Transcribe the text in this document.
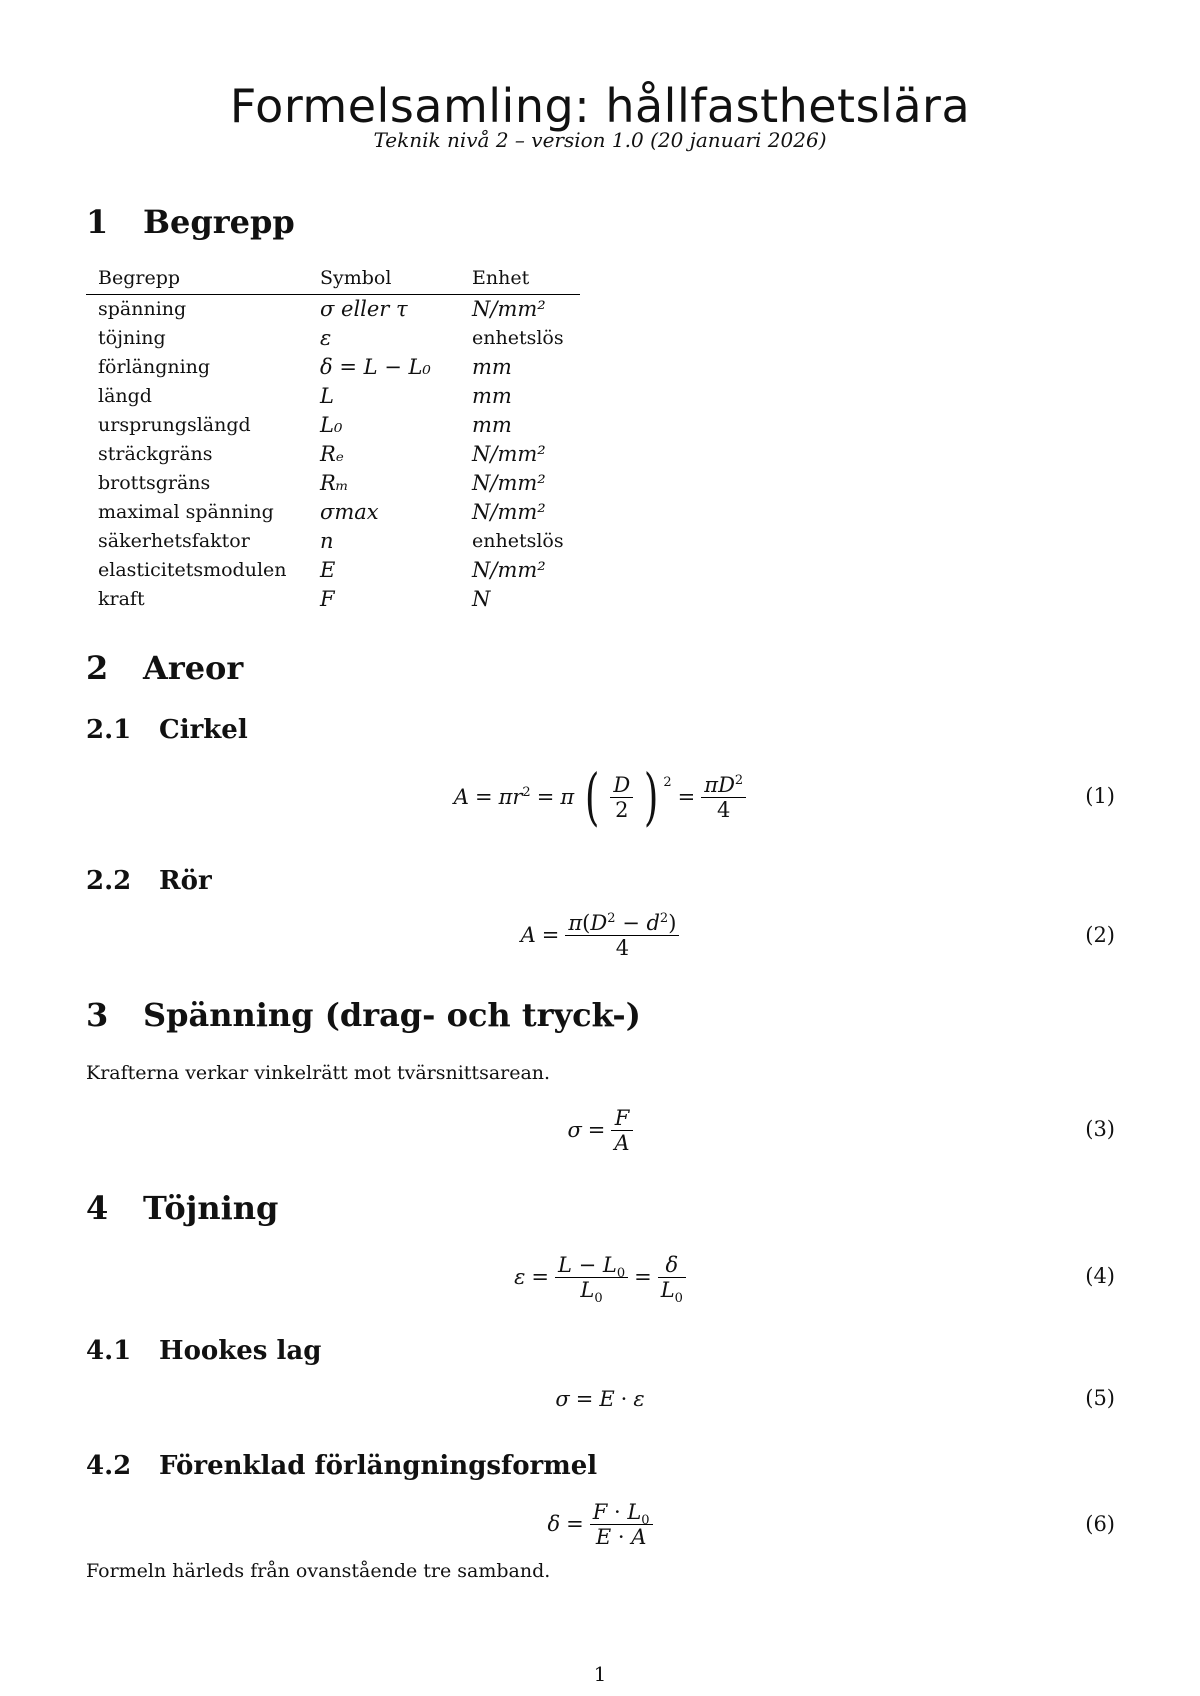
Formelsamling: hållfasthetslära
Teknik nivå 2 – version 1.0 (20 januari 2026)
1 Begrepp
Begrepp	Symbol	Enhet
spänning	σ eller τ	N/mm²
töjning	ε	enhetslös
förlängning	δ = L − L₀	mm
längd	L	mm
ursprungslängd	L₀	mm
sträckgräns	Rₑ	N/mm²
brottsgräns	Rₘ	N/mm²
maximal spänning	σmax	N/mm²
säkerhetsfaktor	n	enhetslös
elasticitetsmodulen	E	N/mm²
kraft	F	N
2 Areor
2.1 Cirkel
$A = \pi r^2 = \pi$ ( $\frac{D}{2}$ ) $^2$
= $\frac{\pi D^2}{4}$	(1)
2.2 Rör
$A = \frac{\pi(D^2 - d^2)}{4}$	(2)
3 Spänning (drag- och tryck-)
Krafterna verkar vinkelrätt mot tvärsnittsarean.
$\sigma = \frac{F}{A}$	(3)
4 Töjning
$\varepsilon = \frac{L - L_0}{L_0} = \frac{\delta}{L_0}$	(4)
4.1 Hookes lag
σ = E · ε	(5)
4.2 Förenklad förlängningsformel
$\delta = \frac{F \cdot L_0}{E \cdot A}$	(6)
Formeln härleds från ovanstående tre samband.
1
